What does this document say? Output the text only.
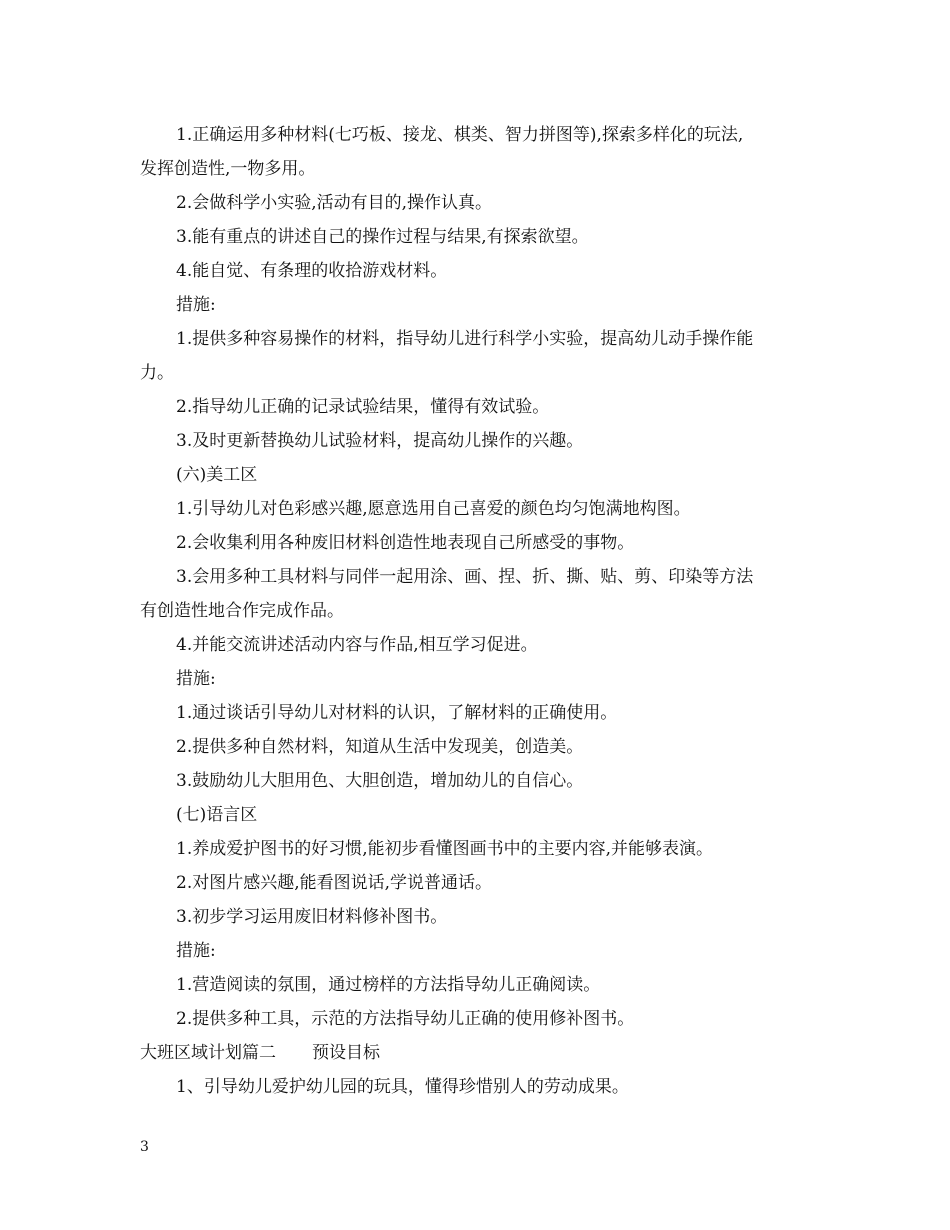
1.正确运用多种材料(七巧板、接龙、棋类、智力拼图等),探索多样化的玩法,
发挥创造性,一物多用。
2.会做科学小实验,活动有目的,操作认真。
3.能有重点的讲述自己的操作过程与结果,有探索欲望。
4.能自觉、有条理的收拾游戏材料。
措施:
1.提供多种容易操作的材料，指导幼儿进行科学小实验，提高幼儿动手操作能
力。
2.指导幼儿正确的记录试验结果，懂得有效试验。
3.及时更新替换幼儿试验材料，提高幼儿操作的兴趣。
(六)美工区
1.引导幼儿对色彩感兴趣,愿意选用自己喜爱的颜色均匀饱满地构图。
2.会收集利用各种废旧材料创造性地表现自己所感受的事物。
3.会用多种工具材料与同伴一起用涂、画、捏、折、撕、贴、剪、印染等方法
有创造性地合作完成作品。
4.并能交流讲述活动内容与作品,相互学习促进。
措施:
1.通过谈话引导幼儿对材料的认识，了解材料的正确使用。
2.提供多种自然材料，知道从生活中发现美，创造美。
3.鼓励幼儿大胆用色、大胆创造，增加幼儿的自信心。
(七)语言区
1.养成爱护图书的好习惯,能初步看懂图画书中的主要内容,并能够表演。
2.对图片感兴趣,能看图说话,学说普通话。
3.初步学习运用废旧材料修补图书。
措施:
1.营造阅读的氛围，通过榜样的方法指导幼儿正确阅读。
2.提供多种工具，示范的方法指导幼儿正确的使用修补图书。
大班区域计划篇二 预设目标
1、引导幼儿爱护幼儿园的玩具，懂得珍惜别人的劳动成果。
3
